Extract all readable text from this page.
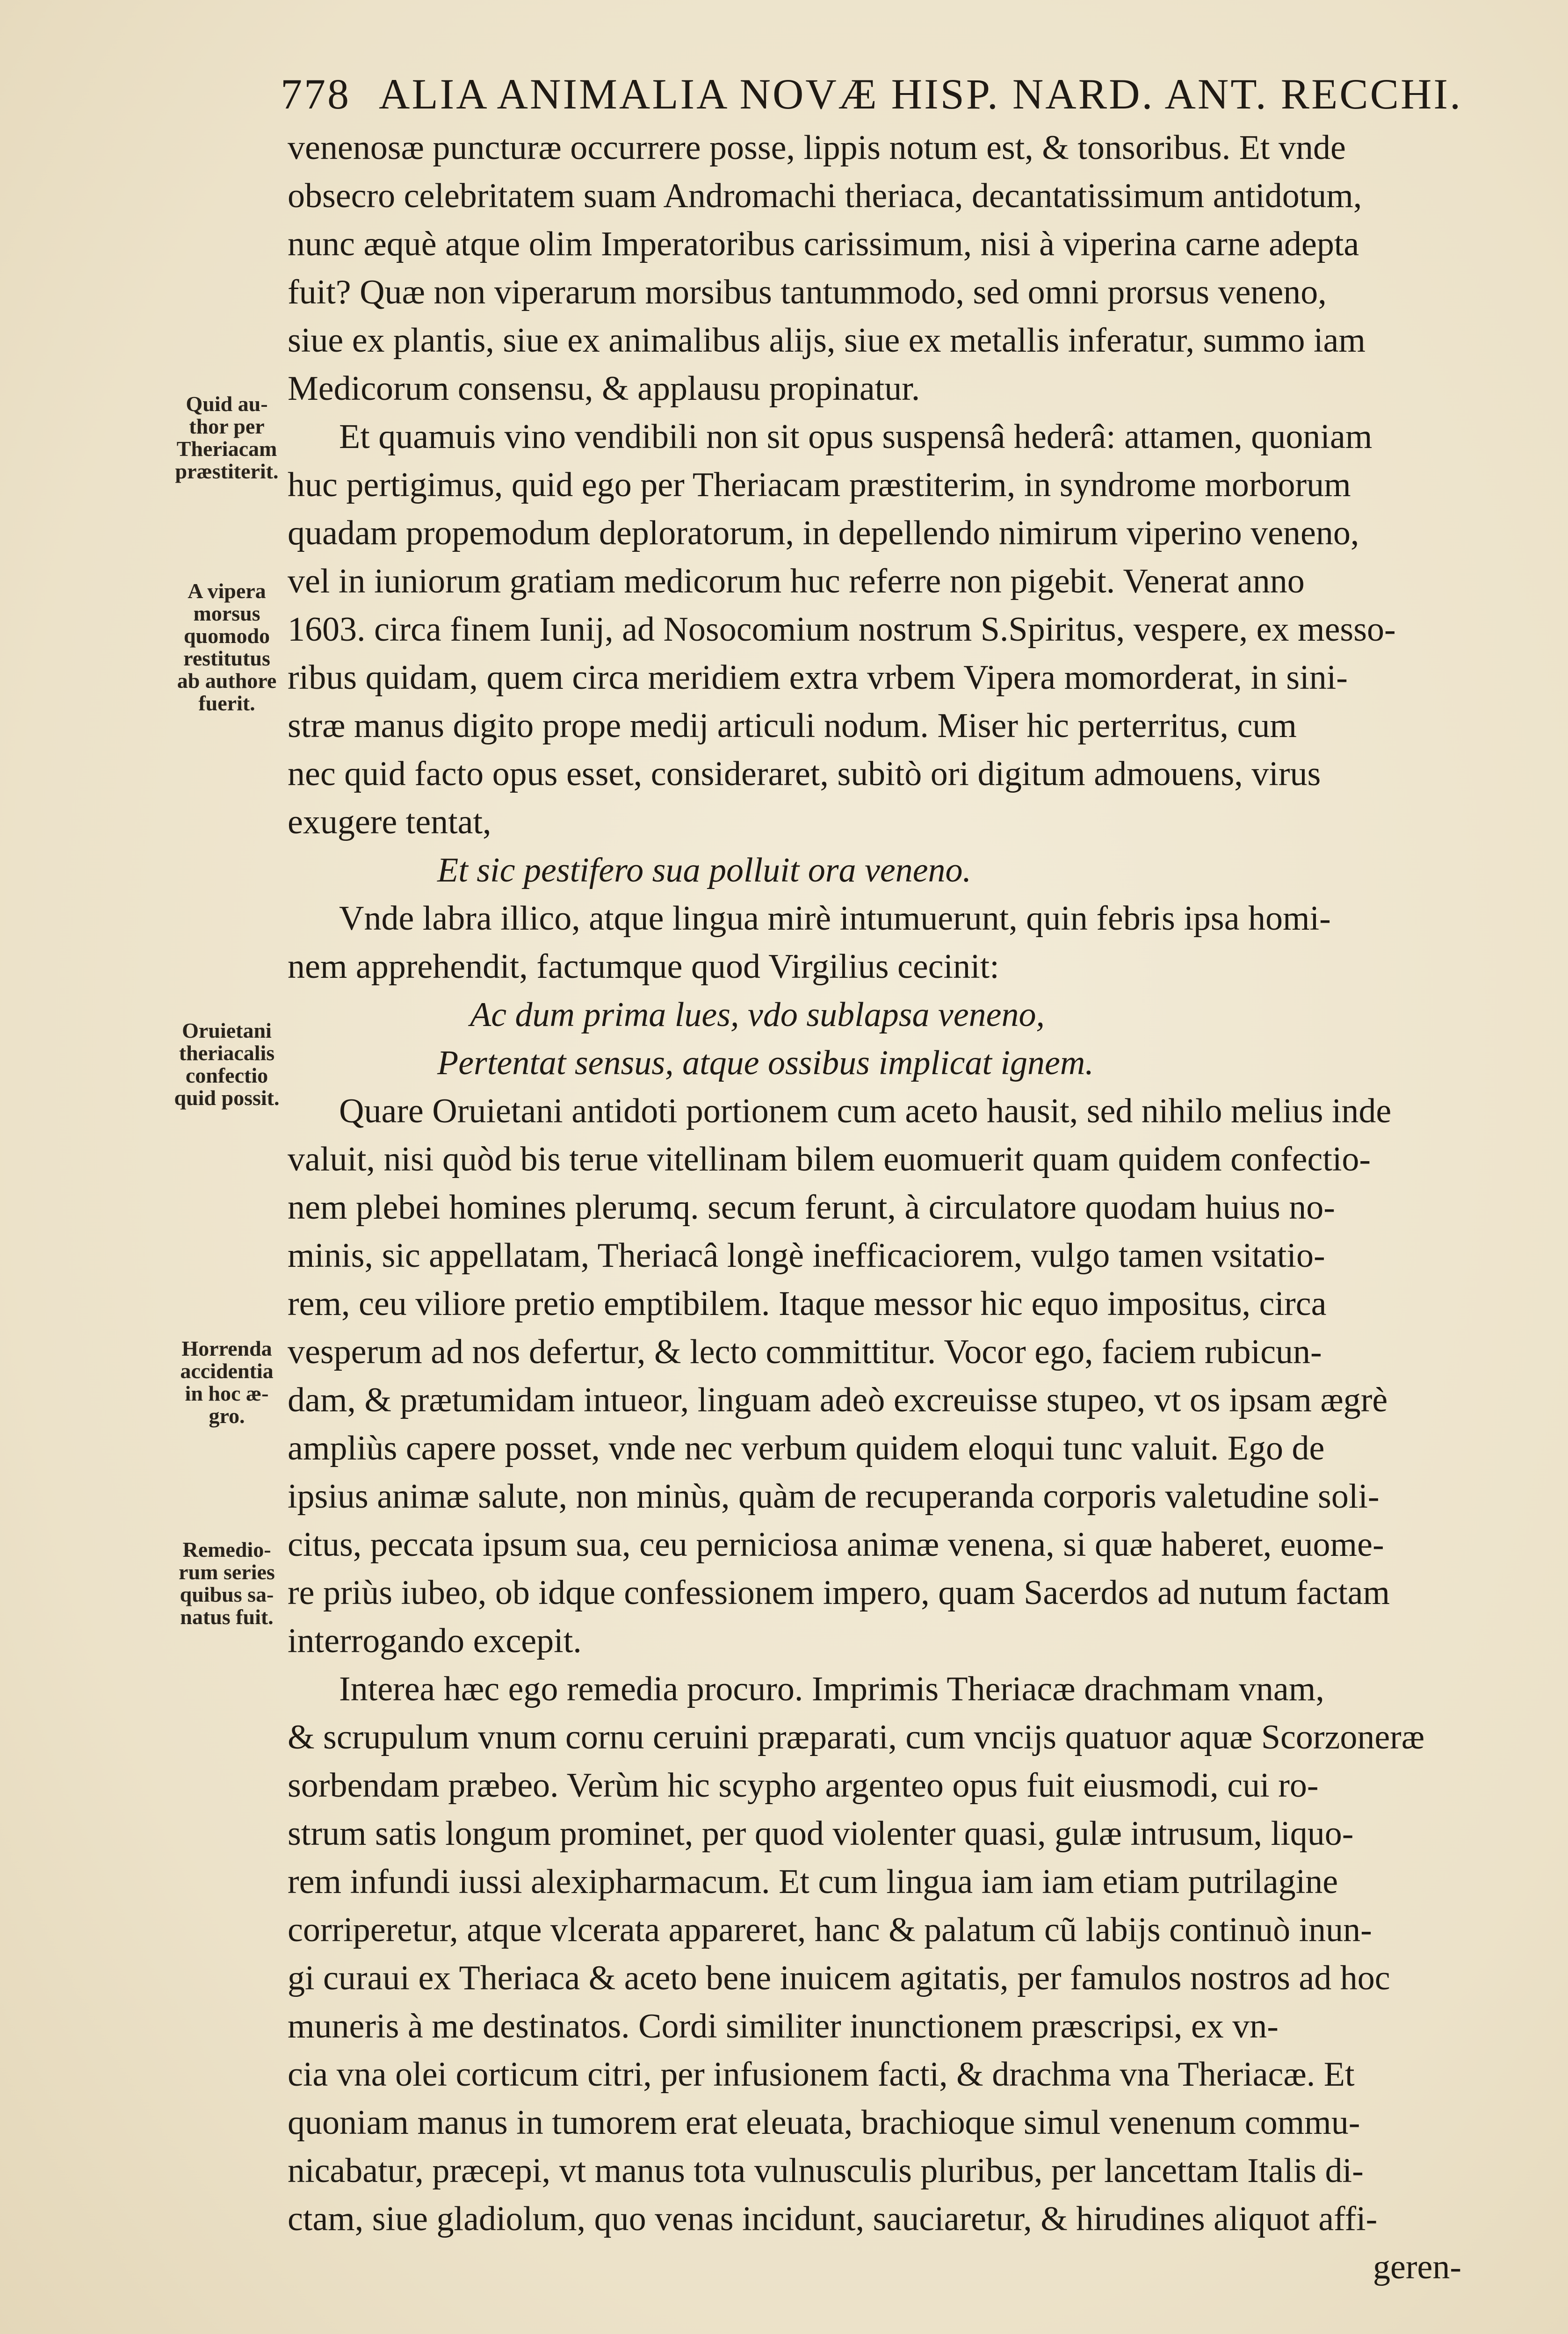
778 ALIA ANIMALIA NOVÆ HISP. NARD. ANT. RECCHI.
venenosæ puncturæ occurrere posse, lippis notum est, & tonsoribus. Et vnde
obsecro celebritatem suam Andromachi theriaca, decantatissimum antidotum,
nunc æquè atque olim Imperatoribus carissimum, nisi à viperina carne adepta
fuit? Quæ non viperarum morsibus tantummodo, sed omni prorsus veneno,
siue ex plantis, siue ex animalibus alijs, siue ex metallis inferatur, summo iam
Medicorum consensu, & applausu propinatur.
Et quamuis vino vendibili non sit opus suspensâ hederâ: attamen, quoniam
huc pertigimus, quid ego per Theriacam præstiterim, in syndrome morborum
quadam propemodum deploratorum, in depellendo nimirum viperino veneno,
vel in iuniorum gratiam medicorum huc referre non pigebit. Venerat anno
1603. circa finem Iunij, ad Nosocomium nostrum S.Spiritus, vespere, ex messo-
ribus quidam, quem circa meridiem extra vrbem Vipera momorderat, in sini-
stræ manus digito prope medij articuli nodum. Miser hic perterritus, cum
nec quid facto opus esset, consideraret, subitò ori digitum admouens, virus
exugere tentat,
Et sic pestifero sua polluit ora veneno.
Vnde labra illico, atque lingua mirè intumuerunt, quin febris ipsa homi-
nem apprehendit, factumque quod Virgilius cecinit:
Ac dum prima lues, vdo sublapsa veneno,
Pertentat sensus, atque ossibus implicat ignem.
Quare Oruietani antidoti portionem cum aceto hausit, sed nihilo melius inde
valuit, nisi quòd bis terue vitellinam bilem euomuerit quam quidem confectio-
nem plebei homines plerumq. secum ferunt, à circulatore quodam huius no-
minis, sic appellatam, Theriacâ longè inefficaciorem, vulgo tamen vsitatio-
rem, ceu viliore pretio emptibilem. Itaque messor hic equo impositus, circa
vesperum ad nos defertur, & lecto committitur. Vocor ego, faciem rubicun-
dam, & prætumidam intueor, linguam adeò excreuisse stupeo, vt os ipsam ægrè
ampliùs capere posset, vnde nec verbum quidem eloqui tunc valuit. Ego de
ipsius animæ salute, non minùs, quàm de recuperanda corporis valetudine soli-
citus, peccata ipsum sua, ceu perniciosa animæ venena, si quæ haberet, euome-
re priùs iubeo, ob idque confessionem impero, quam Sacerdos ad nutum factam
interrogando excepit.
Interea hæc ego remedia procuro. Imprimis Theriacæ drachmam vnam,
& scrupulum vnum cornu ceruini præparati, cum vncijs quatuor aquæ Scorzoneræ
sorbendam præbeo. Verùm hic scypho argenteo opus fuit eiusmodi, cui ro-
strum satis longum prominet, per quod violenter quasi, gulæ intrusum, liquo-
rem infundi iussi alexipharmacum. Et cum lingua iam iam etiam putrilagine
corriperetur, atque vlcerata appareret, hanc & palatum cũ labijs continuò inun-
gi curaui ex Theriaca & aceto bene inuicem agitatis, per famulos nostros ad hoc
muneris à me destinatos. Cordi similiter inunctionem præscripsi, ex vn-
cia vna olei corticum citri, per infusionem facti, & drachma vna Theriacæ. Et
quoniam manus in tumorem erat eleuata, brachioque simul venenum commu-
nicabatur, præcepi, vt manus tota vulnusculis pluribus, per lancettam Italis di-
ctam, siue gladiolum, quo venas incidunt, sauciaretur, & hirudines aliquot affi-
geren-
Quid au-
thor per
Theriacam
præstiterit.
A vipera
morsus
quomodo
restitutus
ab authore
fuerit.
Oruietani
theriacalis
confectio
quid possit.
Horrenda
accidentia
in hoc æ-
gro.
Remedio-
rum series
quibus sa-
natus fuit.
